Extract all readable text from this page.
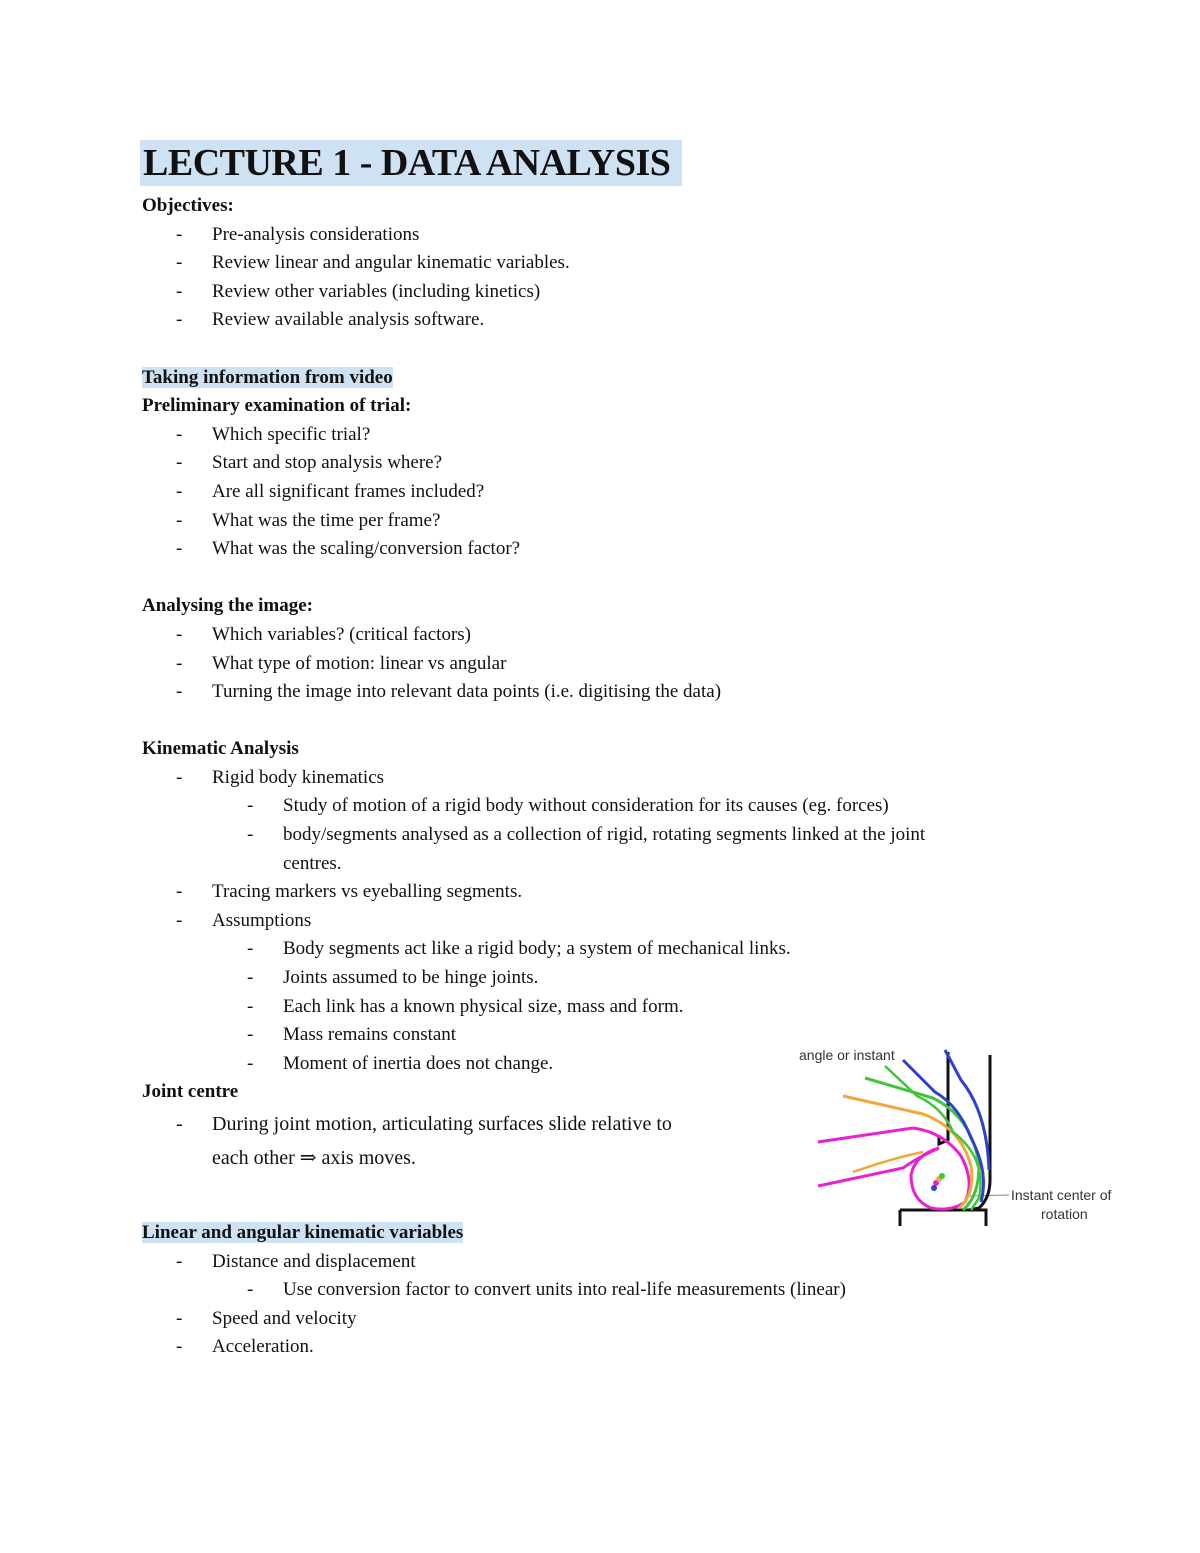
LECTURE 1 - DATA ANALYSIS

Objectives:

- Pre-analysis considerations

- Review linear and angular kinematic variables.

- Review other variables (including kinetics)

- Review available analysis software.

Taking information from video

Preliminary examination of trial:

- Which specific trial?

- Start and stop analysis where?

- Are all significant frames included?

- What was the time per frame?

- What was the scaling/conversion factor?

Analysing the image:

- Which variables? (critical factors)

- What type of motion: linear vs angular

- Turning the image into relevant data points (i.e. digitising the data)

Kinematic Analysis

- Rigid body kinematics

- Study of motion of a rigid body without consideration for its causes (eg. forces)

- body/segments analysed as a collection of rigid, rotating segments linked at the joint

centres.

- Tracing markers vs eyeballing segments.

- Assumptions

- Body segments act like a rigid body; a system of mechanical links.

- Joints assumed to be hinge joints.

- Each link has a known physical size, mass and form.

- Mass remains constant

- Moment of inertia does not change.

Joint centre

- During joint motion, articulating surfaces slide relative to

each other ⇒ axis moves.

Linear and angular kinematic variables

- Distance and displacement

- Use conversion factor to convert units into real-life measurements (linear)

- Speed and velocity

- Acceleration.

angle or instant
Instant center of
rotation
